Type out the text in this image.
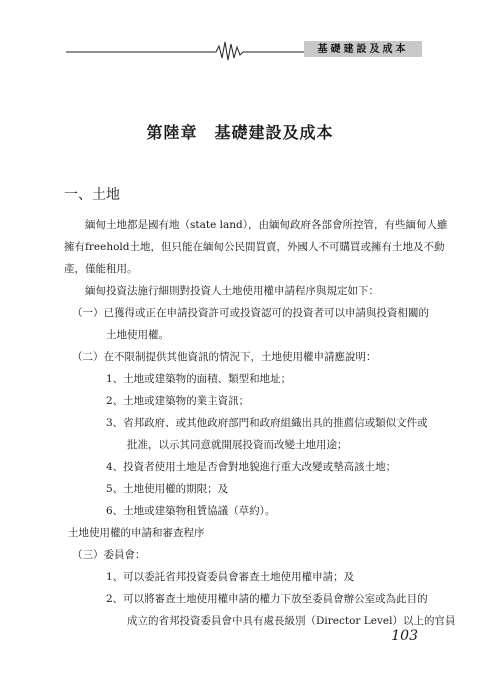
基礎建設及成本
第陸章　基礎建設及成本
一、土地

緬甸土地都是國有地（state land），由緬甸政府各部會所控管，有些緬甸人雖

擁有freehold土地，但只能在緬甸公民間買賣，外國人不可購買或擁有土地及不動

產，僅能租用。

緬甸投資法施行細則對投資人土地使用權申請程序與規定如下：

（一）已獲得或正在申請投資許可或投資認可的投資者可以申請與投資相關的

土地使用權。

（二）在不限制提供其他資訊的情況下，土地使用權申請應說明：

1、土地或建築物的面積、類型和地址；

2、土地或建築物的業主資訊；

3、省邦政府、或其他政府部門和政府組織出具的推薦信或類似文件或

批准，以示其同意就開展投資而改變土地用途；

4、投資者使用土地是否會對地貌進行重大改變或墊高該土地；

5、土地使用權的期限；及

6、土地或建築物租賃協議（草約）。

土地使用權的申請和審查程序

（三）委員會：

1、可以委託省邦投資委員會審查土地使用權申請；及

2、可以將審查土地使用權申請的權力下放至委員會辦公室或為此目的

成立的省邦投資委員會中具有處長級別（Director Level）以上的官員

103
